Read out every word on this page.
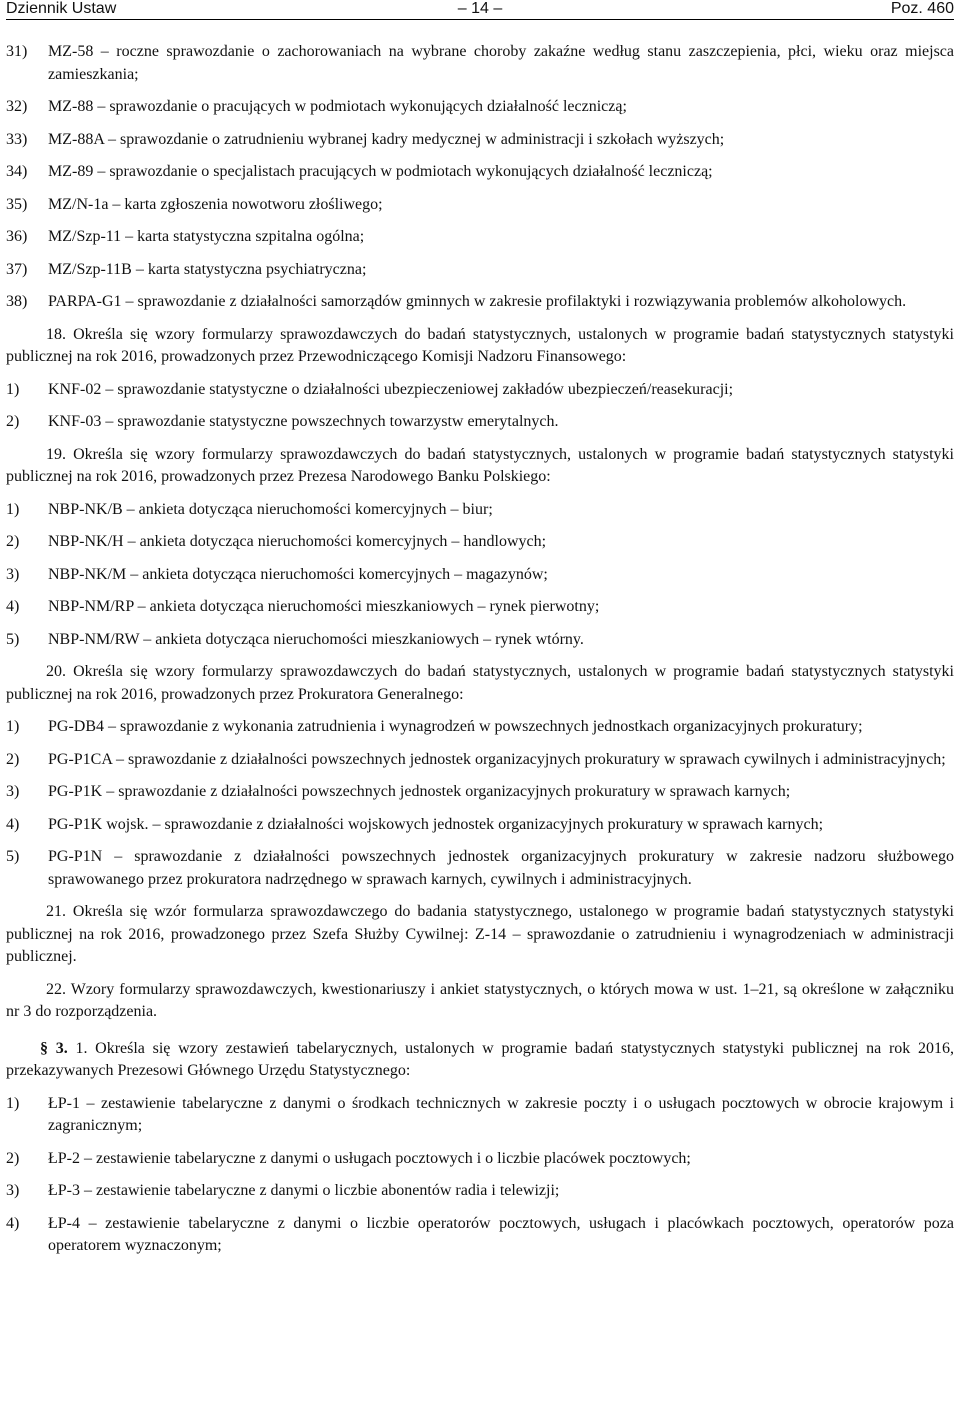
Dziennik Ustaw	– 14 –	Poz. 460
31)	MZ-58 – roczne sprawozdanie o zachorowaniach na wybrane choroby zakaźne według stanu zaszczepienia, płci, wieku oraz miejsca zamieszkania;
32)	MZ-88 – sprawozdanie o pracujących w podmiotach wykonujących działalność leczniczą;
33)	MZ-88A – sprawozdanie o zatrudnieniu wybranej kadry medycznej w administracji i szkołach wyższych;
34)	MZ-89 – sprawozdanie o specjalistach pracujących w podmiotach wykonujących działalność leczniczą;
35)	MZ/N-1a – karta zgłoszenia nowotworu złośliwego;
36)	MZ/Szp-11 – karta statystyczna szpitalna ogólna;
37)	MZ/Szp-11B – karta statystyczna psychiatryczna;
38)	PARPA-G1 – sprawozdanie z działalności samorządów gminnych w zakresie profilaktyki i rozwiązywania problemów alkoholowych.

18. Określa się wzory formularzy sprawozdawczych do badań statystycznych, ustalonych w programie badań statystycznych statystyki publicznej na rok 2016, prowadzonych przez Przewodniczącego Komisji Nadzoru Finansowego:

1)	KNF-02 – sprawozdanie statystyczne o działalności ubezpieczeniowej zakładów ubezpieczeń/reasekuracji;
2)	KNF-03 – sprawozdanie statystyczne powszechnych towarzystw emerytalnych.

19. Określa się wzory formularzy sprawozdawczych do badań statystycznych, ustalonych w programie badań statystycznych statystyki publicznej na rok 2016, prowadzonych przez Prezesa Narodowego Banku Polskiego:

1)	NBP-NK/B – ankieta dotycząca nieruchomości komercyjnych – biur;
2)	NBP-NK/H – ankieta dotycząca nieruchomości komercyjnych – handlowych;
3)	NBP-NK/M – ankieta dotycząca nieruchomości komercyjnych – magazynów;
4)	NBP-NM/RP – ankieta dotycząca nieruchomości mieszkaniowych – rynek pierwotny;
5)	NBP-NM/RW – ankieta dotycząca nieruchomości mieszkaniowych – rynek wtórny.

20. Określa się wzory formularzy sprawozdawczych do badań statystycznych, ustalonych w programie badań statystycznych statystyki publicznej na rok 2016, prowadzonych przez Prokuratora Generalnego:

1)	PG-DB4 – sprawozdanie z wykonania zatrudnienia i wynagrodzeń w powszechnych jednostkach organizacyjnych prokuratury;
2)	PG-P1CA – sprawozdanie z działalności powszechnych jednostek organizacyjnych prokuratury w sprawach cywilnych i administracyjnych;
3)	PG-P1K – sprawozdanie z działalności powszechnych jednostek organizacyjnych prokuratury w sprawach karnych;
4)	PG-P1K wojsk. – sprawozdanie z działalności wojskowych jednostek organizacyjnych prokuratury w sprawach karnych;
5)	PG-P1N – sprawozdanie z działalności powszechnych jednostek organizacyjnych prokuratury w zakresie nadzoru służbowego sprawowanego przez prokuratora nadrzędnego w sprawach karnych, cywilnych i administracyjnych.

21. Określa się wzór formularza sprawozdawczego do badania statystycznego, ustalonego w programie badań statystycznych statystyki publicznej na rok 2016, prowadzonego przez Szefa Służby Cywilnej: Z-14 – sprawozdanie o zatrudnieniu i wynagrodzeniach w administracji publicznej.

22. Wzory formularzy sprawozdawczych, kwestionariuszy i ankiet statystycznych, o których mowa w ust. 1–21, są określone w załączniku nr 3 do rozporządzenia.

§ 3. 1. Określa się wzory zestawień tabelarycznych, ustalonych w programie badań statystycznych statystyki publicznej na rok 2016, przekazywanych Prezesowi Głównego Urzędu Statystycznego:

1)	ŁP-1 – zestawienie tabelaryczne z danymi o środkach technicznych w zakresie poczty i o usługach pocztowych w obrocie krajowym i zagranicznym;
2)	ŁP-2 – zestawienie tabelaryczne z danymi o usługach pocztowych i o liczbie placówek pocztowych;
3)	ŁP-3 – zestawienie tabelaryczne z danymi o liczbie abonentów radia i telewizji;
4)	ŁP-4 – zestawienie tabelaryczne z danymi o liczbie operatorów pocztowych, usługach i placówkach pocztowych, operatorów poza operatorem wyznaczonym;
